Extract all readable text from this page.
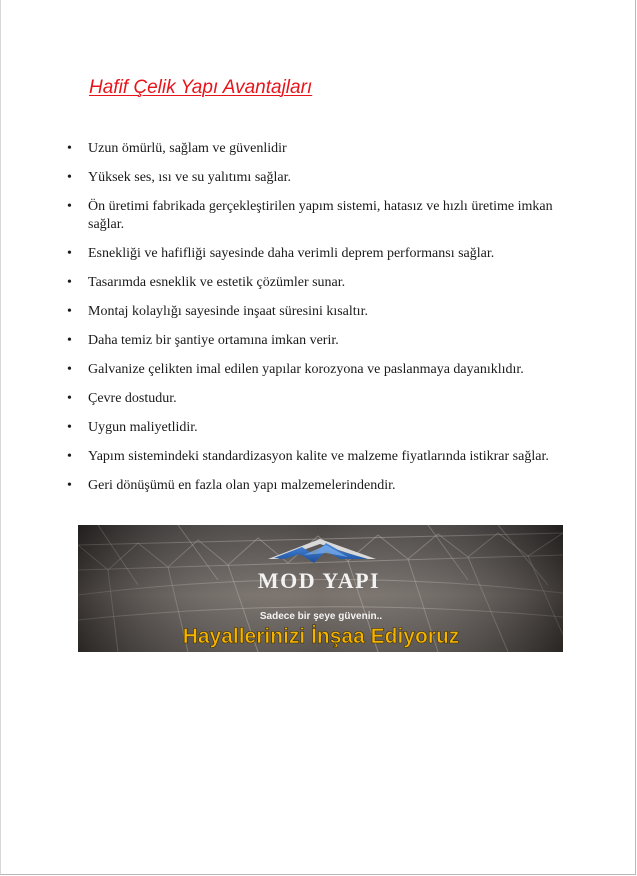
Hafif Çelik Yapı Avantajları
• Uzun ömürlü, sağlam ve güvenlidir
• Yüksek ses, ısı ve su yalıtımı sağlar.
• Ön üretimi fabrikada gerçekleştirilen yapım sistemi, hatasız ve hızlı üretime imkan sağlar.
• Esnekliği ve hafifliği sayesinde daha verimli deprem performansı sağlar.
• Tasarımda esneklik ve estetik çözümler sunar.
• Montaj kolaylığı sayesinde inşaat süresini kısaltır.
• Daha temiz bir şantiye ortamına imkan verir.
• Galvanize çelikten imal edilen yapılar korozyona ve paslanmaya dayanıklıdır.
• Çevre dostudur.
• Uygun maliyetlidir.
• Yapım sistemindeki standardizasyon kalite ve malzeme fiyatlarında istikrar sağlar.
• Geri dönüşümü en fazla olan yapı malzemelerindendir.
MOD YAPI
Sadece bir şeye güvenin..
Hayallerinizi İnşaa Ediyoruz
